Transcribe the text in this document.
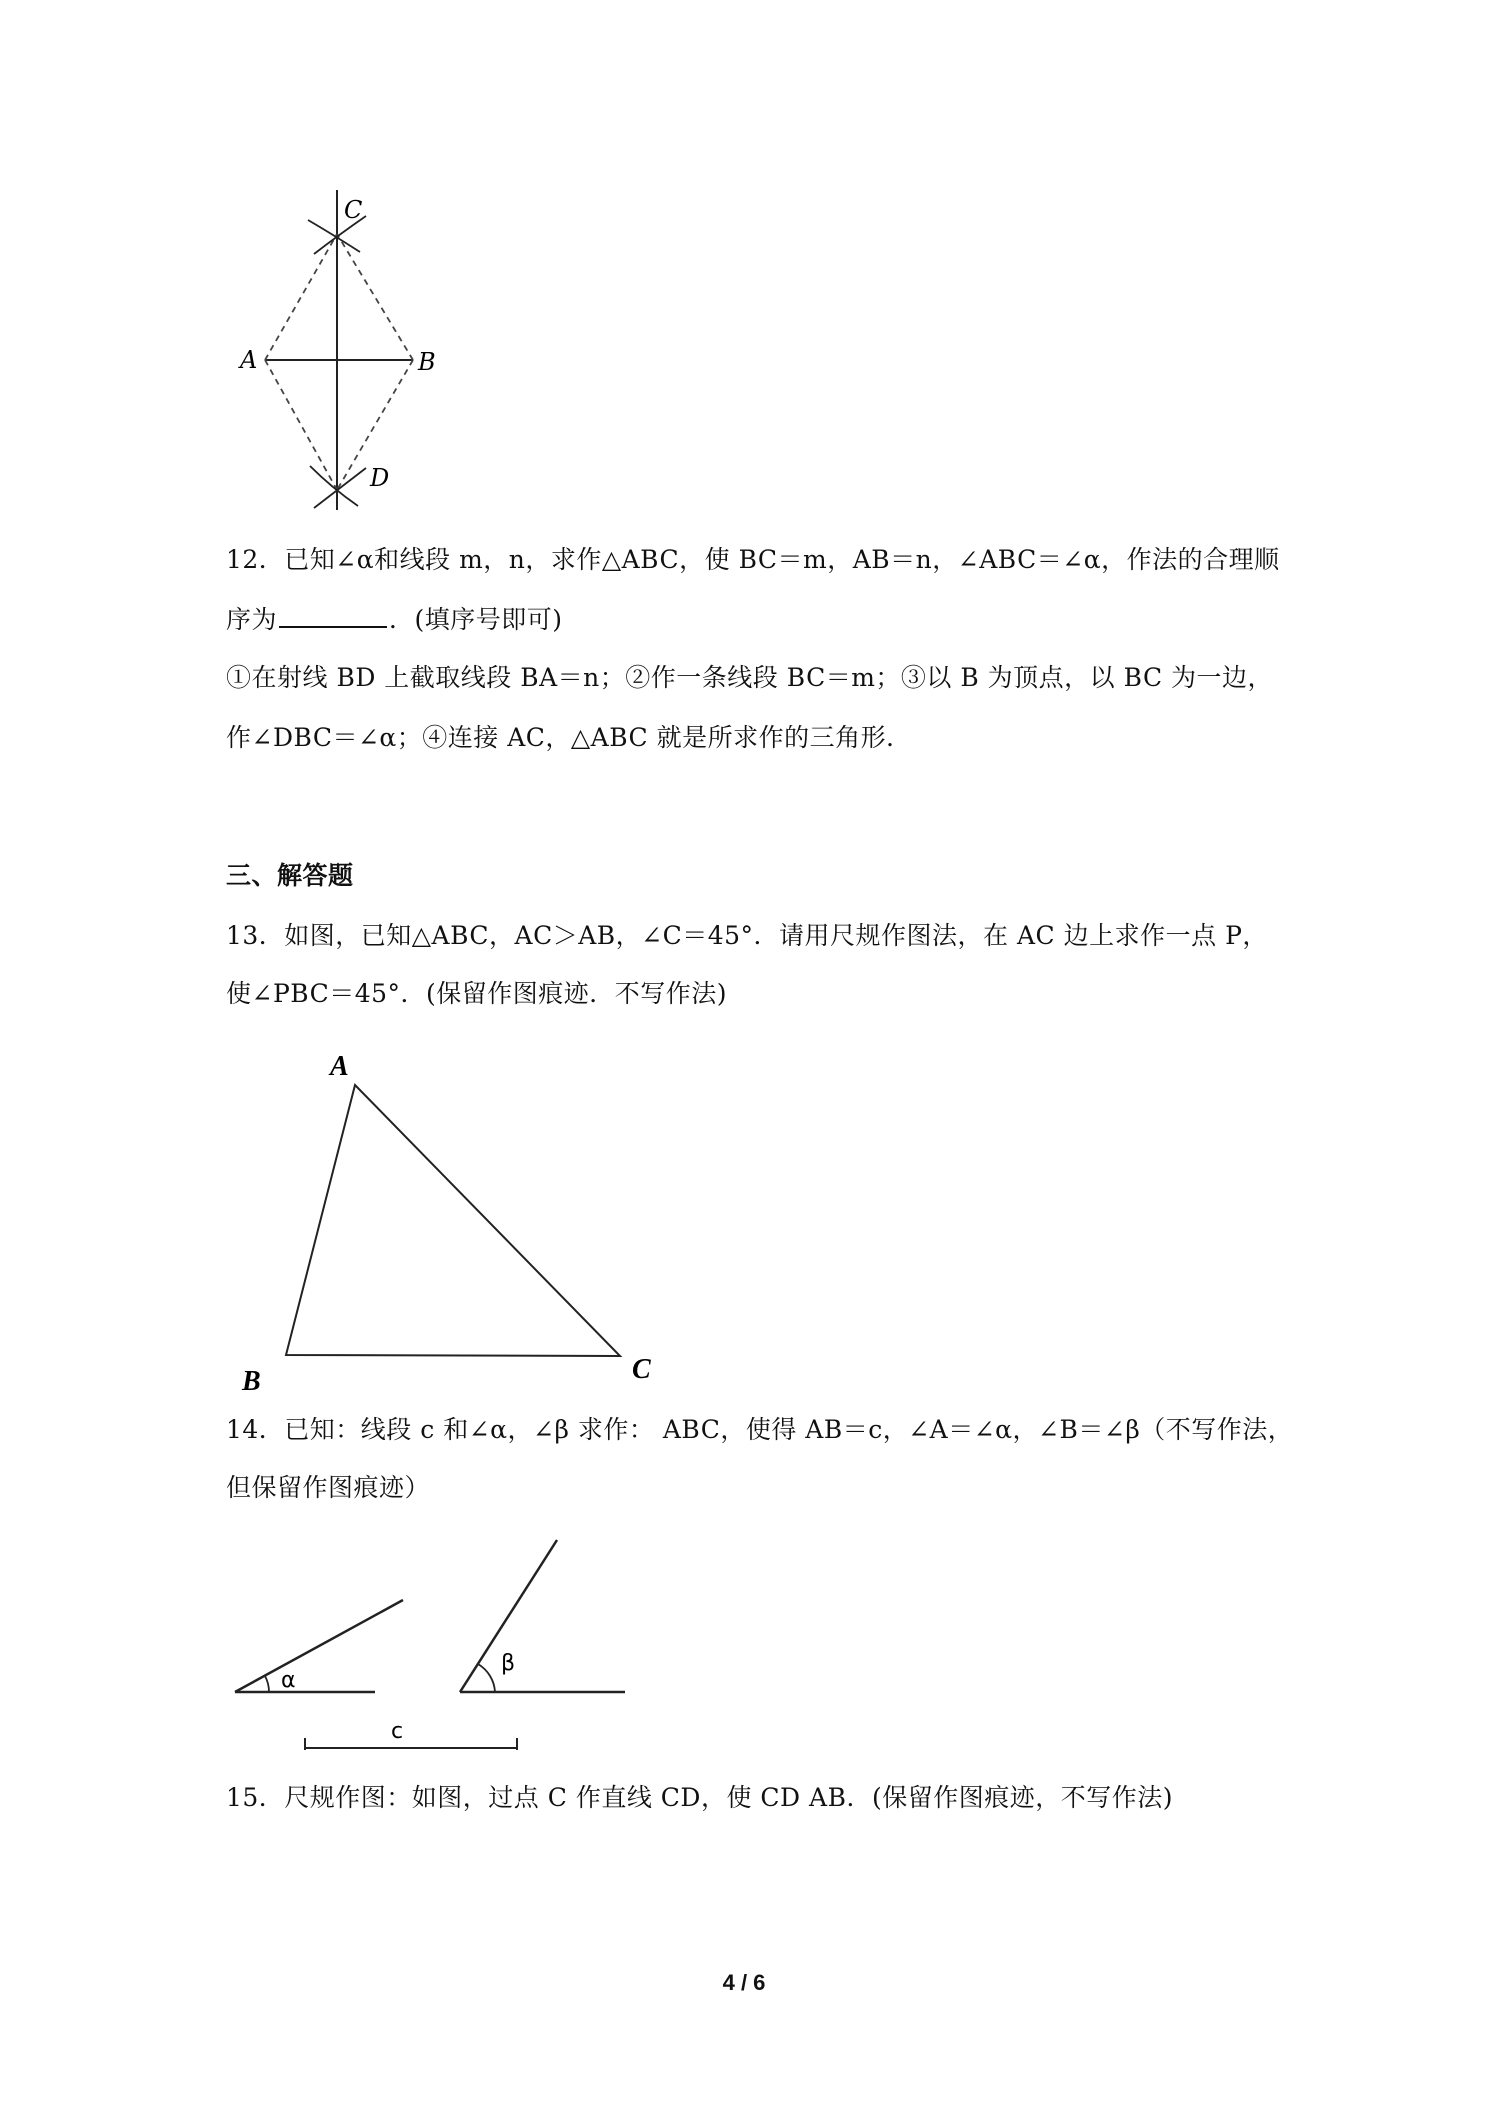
C
A	B
D
12．已知∠α和线段 m，n，求作△ABC，使 BC＝m，AB＝n，∠ABC＝∠α，作法的合理顺
序为	．(填序号即可)
①在射线 BD 上截取线段 BA＝n；②作一条线段 BC＝m；③以 B 为顶点，以 BC 为一边，
作∠DBC＝∠α；④连接 AC，△ABC 就是所求作的三角形．
三、解答题
13．如图，已知△ABC，AC＞AB，∠C＝45°．请用尺规作图法，在 AC 边上求作一点 P，
使∠PBC＝45°．(保留作图痕迹．不写作法)
A
B	C
14．已知：线段 c 和∠α，∠β 求作： ABC，使得 AB＝c，∠A＝∠α，∠B＝∠β（不写作法，
但保留作图痕迹）
α
β
c
15．尺规作图：如图，过点 C 作直线 CD，使 CD AB．(保留作图痕迹，不写作法)
4 / 6
